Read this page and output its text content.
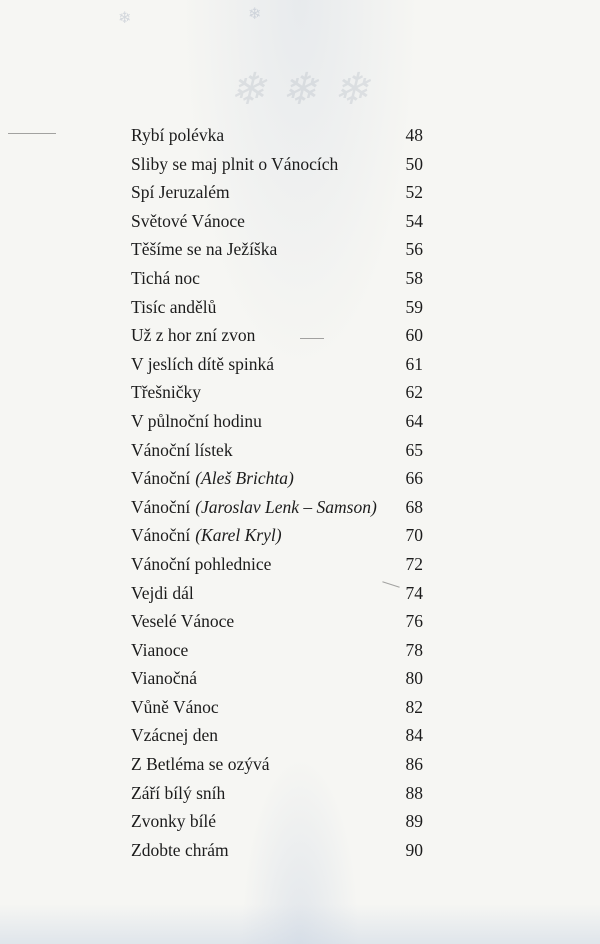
❄ ❄ ❄
❄	❄
Rybí polévka	48
Sliby se maj plnit o Vánocích	50
Spí Jeruzalém	52
Světové Vánoce	54
Těšíme se na Ježíška	56
Tichá noc	58
Tisíc andělů	59
Už z hor zní zvon	60
V jeslích dítě spinká	61
Třešničky	62
V půlnoční hodinu	64
Vánoční lístek	65
Vánoční (Aleš Brichta)	66
Vánoční (Jaroslav Lenk – Samson)	68
Vánoční (Karel Kryl)	70
Vánoční pohlednice	72
Vejdi dál	74
Veselé Vánoce	76
Vianoce	78
Vianočná	80
Vůně Vánoc	82
Vzácnej den	84
Z Betléma se ozývá	86
Září bílý sníh	88
Zvonky bílé	89
Zdobte chrám	90
